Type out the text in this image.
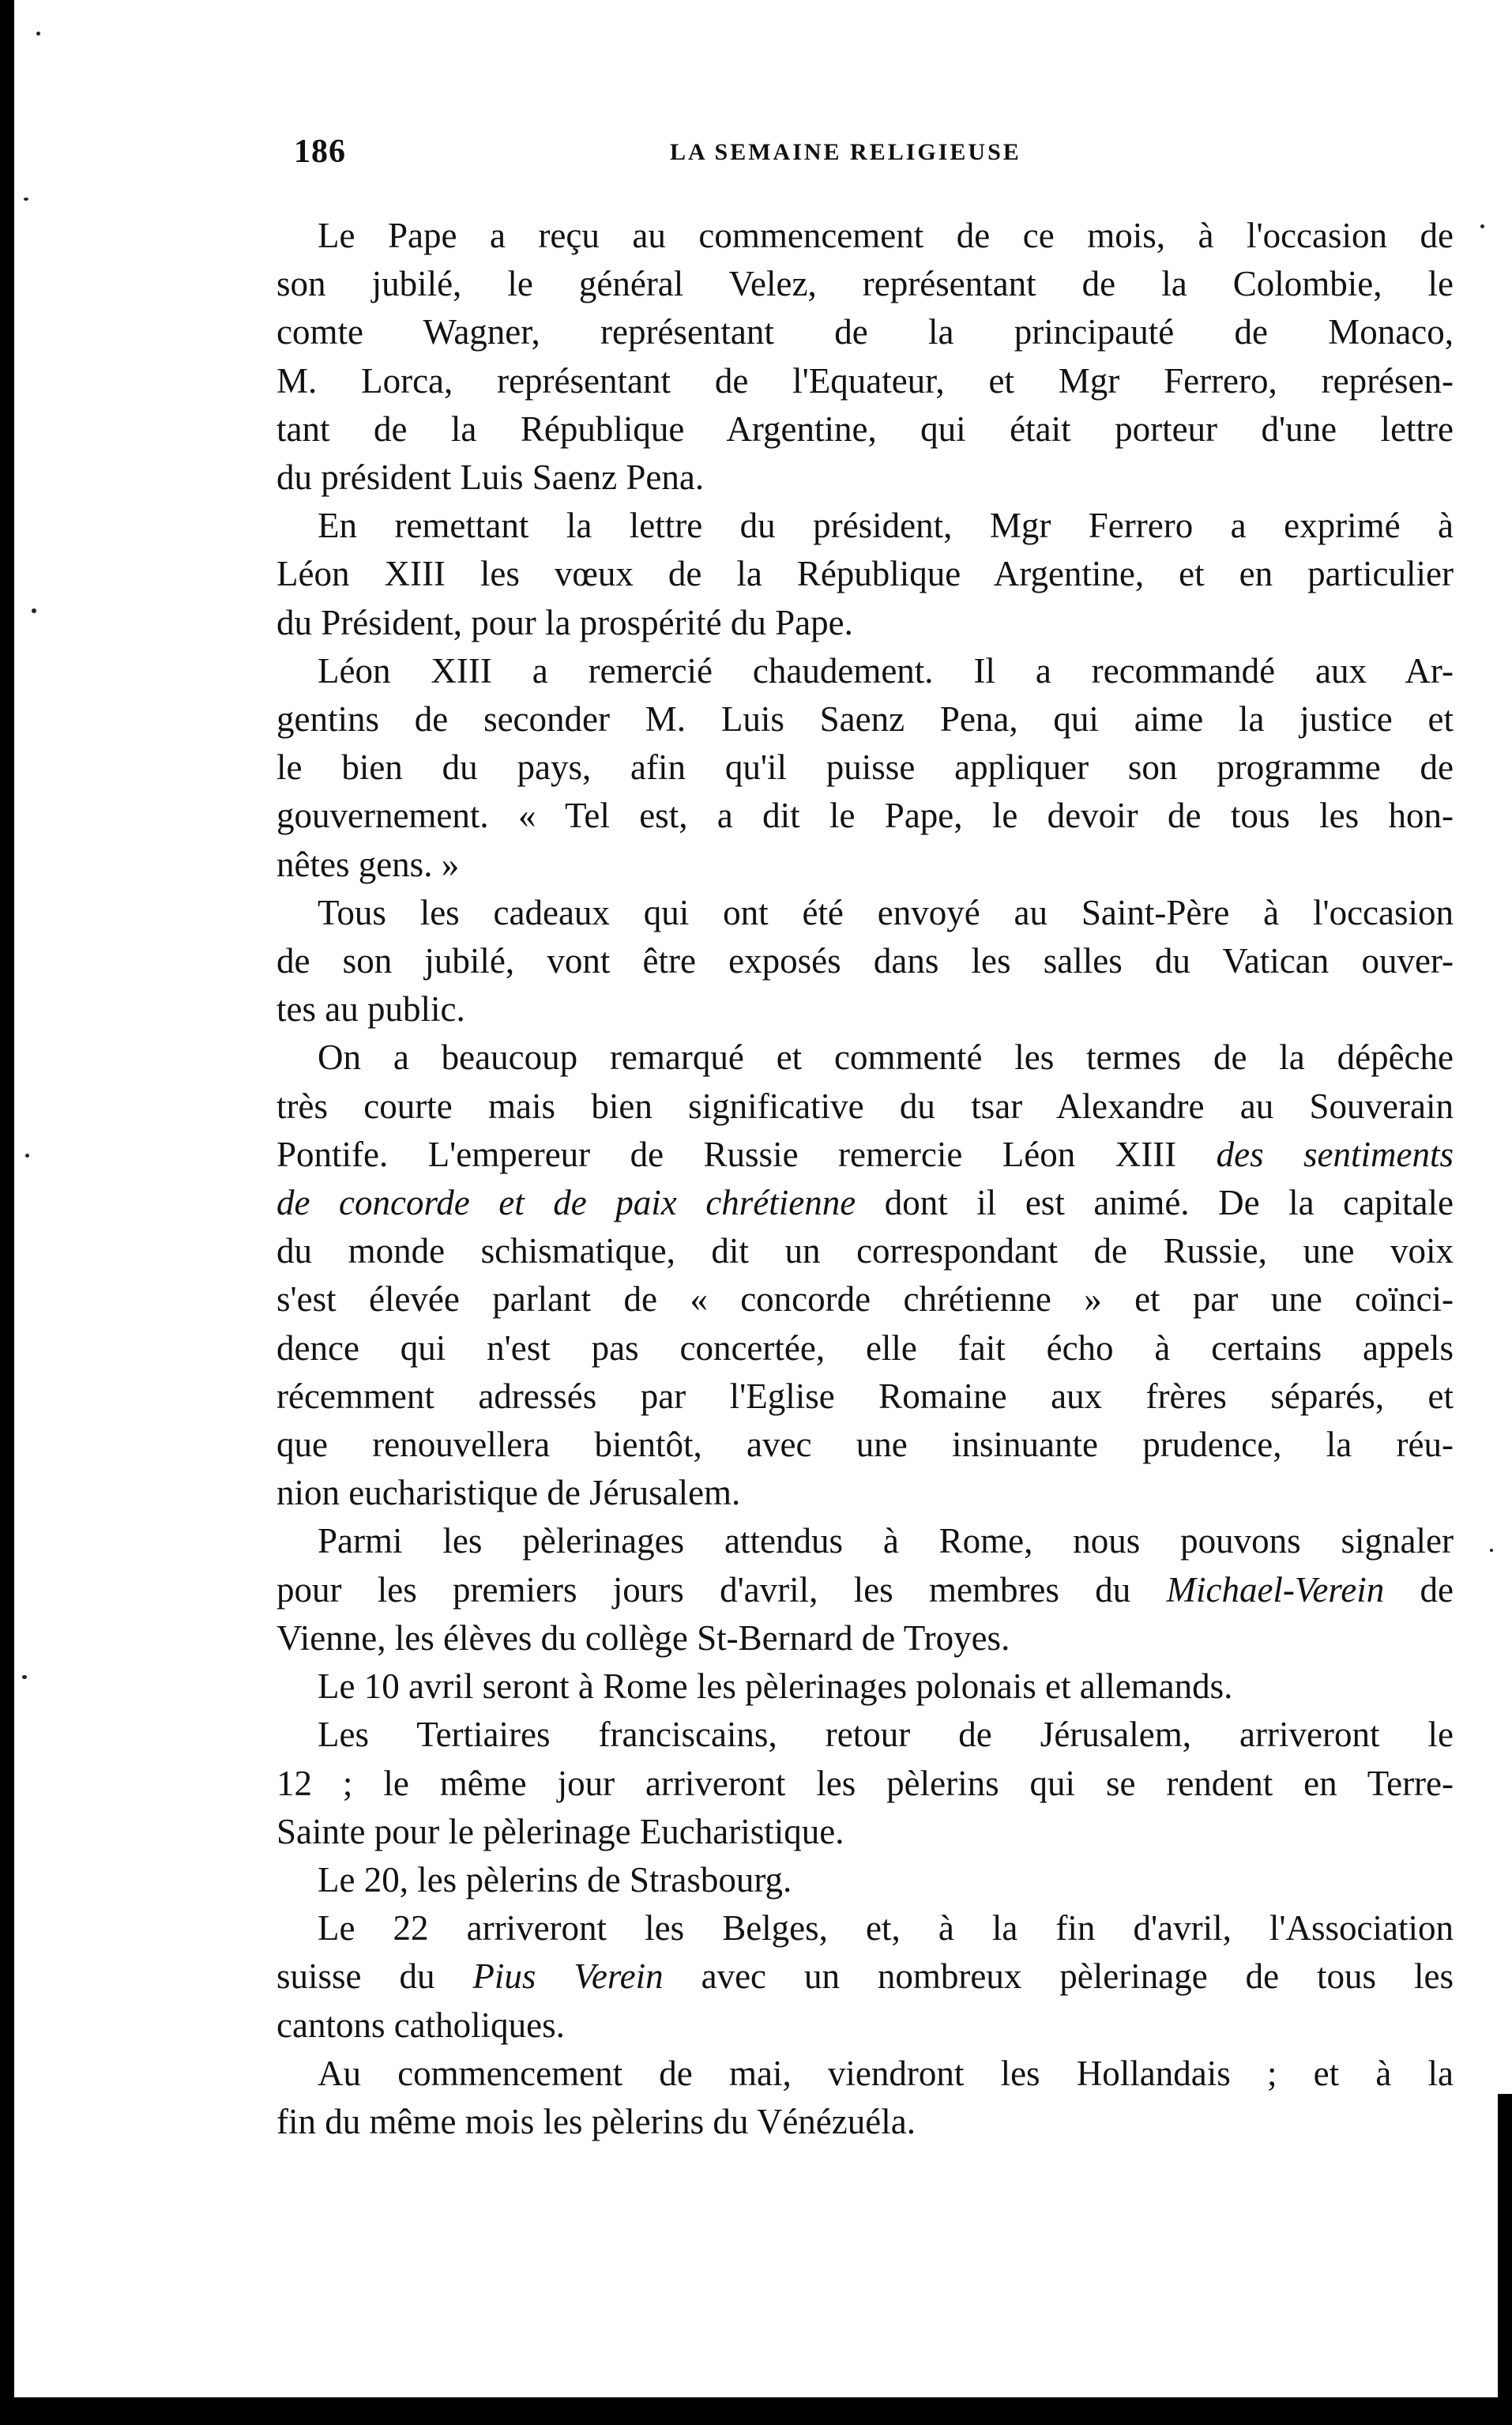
186	LA SEMAINE RELIGIEUSE

Le Pape a reçu au commencement de ce mois, à l'occasion de
son jubilé, le général Velez, représentant de la Colombie, le
comte Wagner, représentant de la principauté de Monaco,
M. Lorca, représentant de l'Equateur, et Mgr Ferrero, représen-
tant de la République Argentine, qui était porteur d'une lettre
du président Luis Saenz Pena.

En remettant la lettre du président, Mgr Ferrero a exprimé à
Léon XIII les vœux de la République Argentine, et en particulier
du Président, pour la prospérité du Pape.

Léon XIII a remercié chaudement. Il a recommandé aux Ar-
gentins de seconder M. Luis Saenz Pena, qui aime la justice et
le bien du pays, afin qu'il puisse appliquer son programme de
gouvernement. « Tel est, a dit le Pape, le devoir de tous les hon-
nêtes gens. »

Tous les cadeaux qui ont été envoyé au Saint-Père à l'occasion
de son jubilé, vont être exposés dans les salles du Vatican ouver-
tes au public.

On a beaucoup remarqué et commenté les termes de la dépêche
très courte mais bien significative du tsar Alexandre au Souverain
Pontife. L'empereur de Russie remercie Léon XIII des sentiments
de concorde et de paix chrétienne dont il est animé. De la capitale
du monde schismatique, dit un correspondant de Russie, une voix
s'est élevée parlant de « concorde chrétienne » et par une coïnci-
dence qui n'est pas concertée, elle fait écho à certains appels
récemment adressés par l'Eglise Romaine aux frères séparés, et
que renouvellera bientôt, avec une insinuante prudence, la réu-
nion eucharistique de Jérusalem.

Parmi les pèlerinages attendus à Rome, nous pouvons signaler
pour les premiers jours d'avril, les membres du Michael-Verein de
Vienne, les élèves du collège St-Bernard de Troyes.

Le 10 avril seront à Rome les pèlerinages polonais et allemands.

Les Tertiaires franciscains, retour de Jérusalem, arriveront le
12 ; le même jour arriveront les pèlerins qui se rendent en Terre-
Sainte pour le pèlerinage Eucharistique.

Le 20, les pèlerins de Strasbourg.

Le 22 arriveront les Belges, et, à la fin d'avril, l'Association
suisse du Pius Verein avec un nombreux pèlerinage de tous les
cantons catholiques.

Au commencement de mai, viendront les Hollandais ; et à la
fin du même mois les pèlerins du Vénézuéla.
